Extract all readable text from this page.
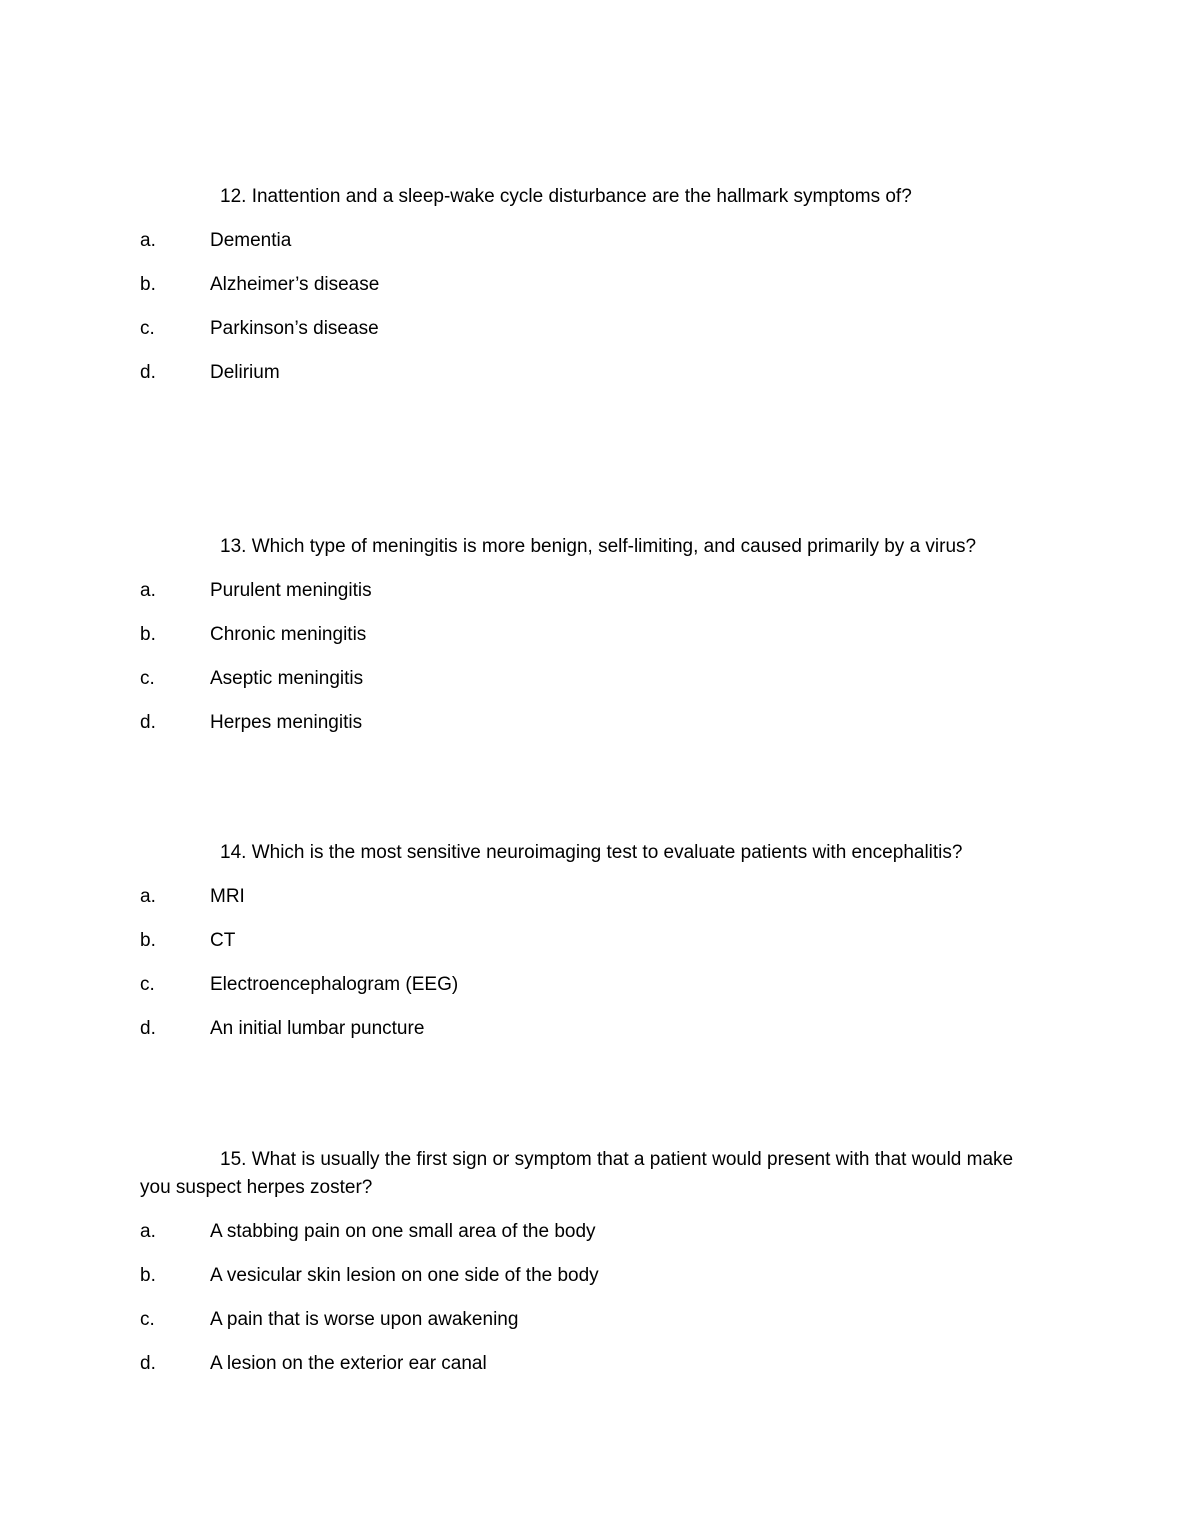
12. Inattention and a sleep-wake cycle disturbance are the hallmark symptoms of?

a.	Dementia
b.	Alzheimer’s disease
c.	Parkinson’s disease
d.	Delirium

13. Which type of meningitis is more benign, self-limiting, and caused primarily by a virus?

a.	Purulent meningitis
b.	Chronic meningitis
c.	Aseptic meningitis
d.	Herpes meningitis

14. Which is the most sensitive neuroimaging test to evaluate patients with encephalitis?

a.	MRI
b.	CT
c.	Electroencephalogram (EEG)
d.	An initial lumbar puncture

15. What is usually the first sign or symptom that a patient would present with that would make you suspect herpes zoster?

a.	A stabbing pain on one small area of the body
b.	A vesicular skin lesion on one side of the body
c.	A pain that is worse upon awakening
d.	A lesion on the exterior ear canal
